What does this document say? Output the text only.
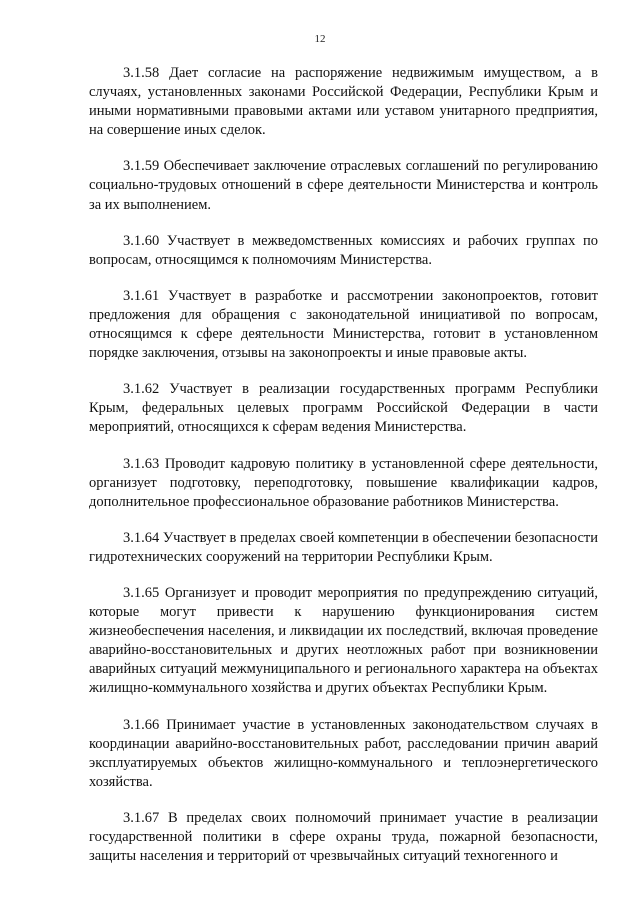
12

3.1.58 Дает согласие на распоряжение недвижимым имуществом, а в случаях, установленных законами Российской Федерации, Республики Крым и иными нормативными правовыми актами или уставом унитарного предприятия, на совершение иных сделок.

3.1.59 Обеспечивает заключение отраслевых соглашений по регулированию социально-трудовых отношений в сфере деятельности Министерства и контроль за их выполнением.

3.1.60 Участвует в межведомственных комиссиях и рабочих группах по вопросам, относящимся к полномочиям Министерства.

3.1.61 Участвует в разработке и рассмотрении законопроектов, готовит предложения для обращения с законодательной инициативой по вопросам, относящимся к сфере деятельности Министерства, готовит в установленном порядке заключения, отзывы на законопроекты и иные правовые акты.

3.1.62 Участвует в реализации государственных программ Республики Крым, федеральных целевых программ Российской Федерации в части мероприятий, относящихся к сферам ведения Министерства.

3.1.63 Проводит кадровую политику в установленной сфере деятельности, организует подготовку, переподготовку, повышение квалификации кадров, дополнительное профессиональное образование работников Министерства.

3.1.64 Участвует в пределах своей компетенции в обеспечении безопасности гидротехнических сооружений на территории Республики Крым.

3.1.65 Организует и проводит мероприятия по предупреждению ситуаций, которые могут привести к нарушению функционирования систем жизнеобеспечения населения, и ликвидации их последствий, включая проведение аварийно-восстановительных и других неотложных работ при возникновении аварийных ситуаций межмуниципального и регионального характера на объектах жилищно-коммунального хозяйства и других объектах Республики Крым.

3.1.66 Принимает участие в установленных законодательством случаях в координации аварийно-восстановительных работ, расследовании причин аварий эксплуатируемых объектов жилищно-коммунального и теплоэнергетического хозяйства.

3.1.67 В пределах своих полномочий принимает участие в реализации государственной политики в сфере охраны труда, пожарной безопасности, защиты населения и территорий от чрезвычайных ситуаций техногенного и
